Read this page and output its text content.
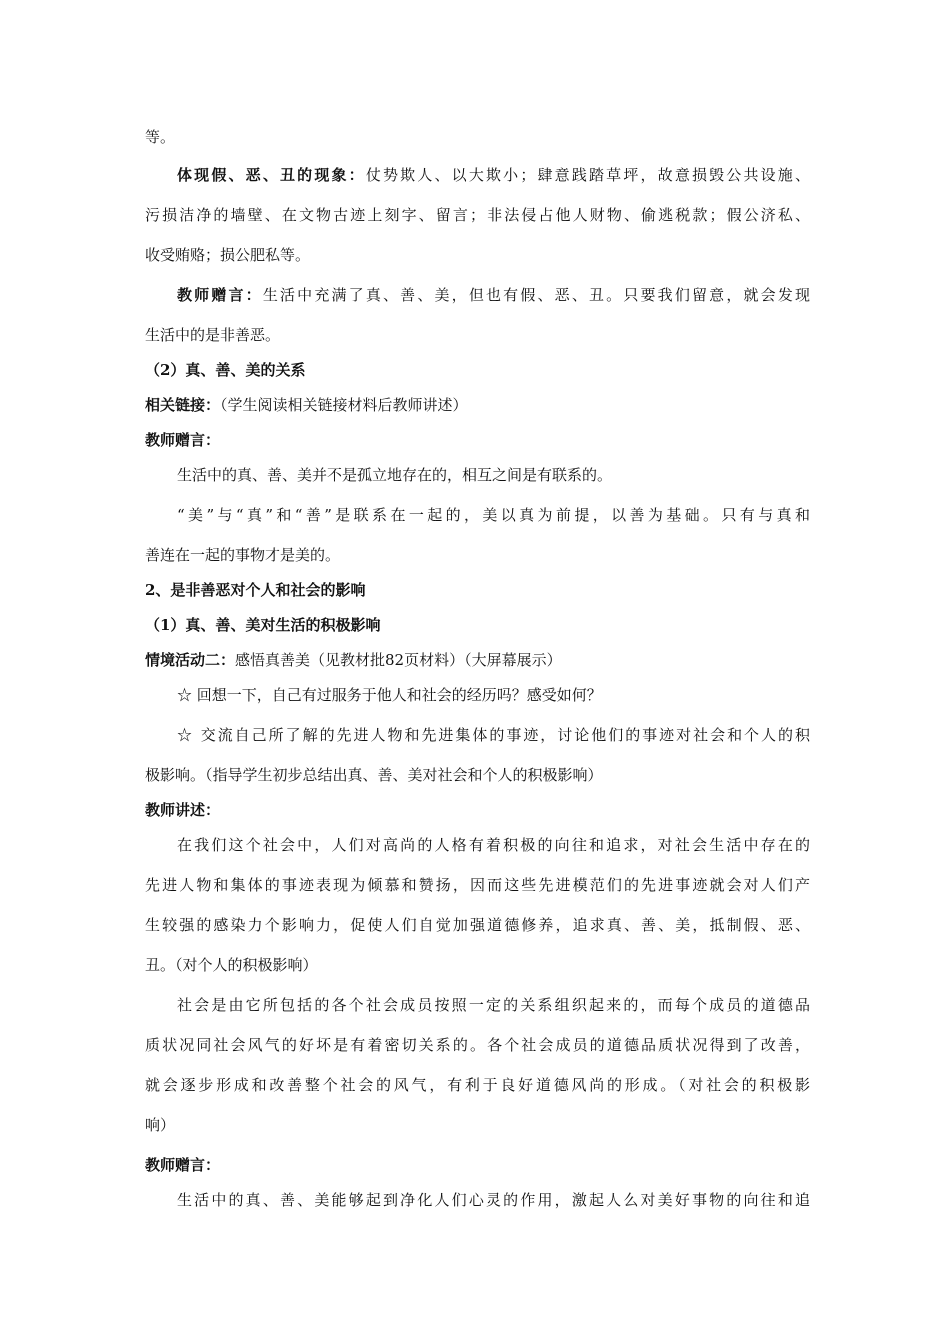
等。
体现假、恶、丑的现象：仗势欺人、以大欺小；肆意践踏草坪，故意损毁公共设施、
污损洁净的墙壁、在文物古迹上刻字、留言；非法侵占他人财物、偷逃税款；假公济私、
收受贿赂；损公肥私等。
教师赠言：生活中充满了真、善、美，但也有假、恶、丑。只要我们留意，就会发现
生活中的是非善恶。
（2）真、善、美的关系
相关链接：（学生阅读相关链接材料后教师讲述）
教师赠言：
生活中的真、善、美并不是孤立地存在的，相互之间是有联系的。
“美”与“真”和“善”是联系在一起的，美以真为前提，以善为基础。只有与真和
善连在一起的事物才是美的。
2、是非善恶对个人和社会的影响
（1）真、善、美对生活的积极影响
情境活动二：感悟真善美（见教材批82页材料）（大屏幕展示）
☆ 回想一下，自己有过服务于他人和社会的经历吗？感受如何？
☆ 交流自己所了解的先进人物和先进集体的事迹，讨论他们的事迹对社会和个人的积
极影响。（指导学生初步总结出真、善、美对社会和个人的积极影响）
教师讲述：
在我们这个社会中，人们对高尚的人格有着积极的向往和追求，对社会生活中存在的
先进人物和集体的事迹表现为倾慕和赞扬，因而这些先进模范们的先进事迹就会对人们产
生较强的感染力个影响力，促使人们自觉加强道德修养，追求真、善、美，抵制假、恶、
丑。（对个人的积极影响）
社会是由它所包括的各个社会成员按照一定的关系组织起来的，而每个成员的道德品
质状况同社会风气的好坏是有着密切关系的。各个社会成员的道德品质状况得到了改善，
就会逐步形成和改善整个社会的风气，有利于良好道德风尚的形成。（对社会的积极影
响）
教师赠言：
生活中的真、善、美能够起到净化人们心灵的作用，激起人么对美好事物的向往和追
